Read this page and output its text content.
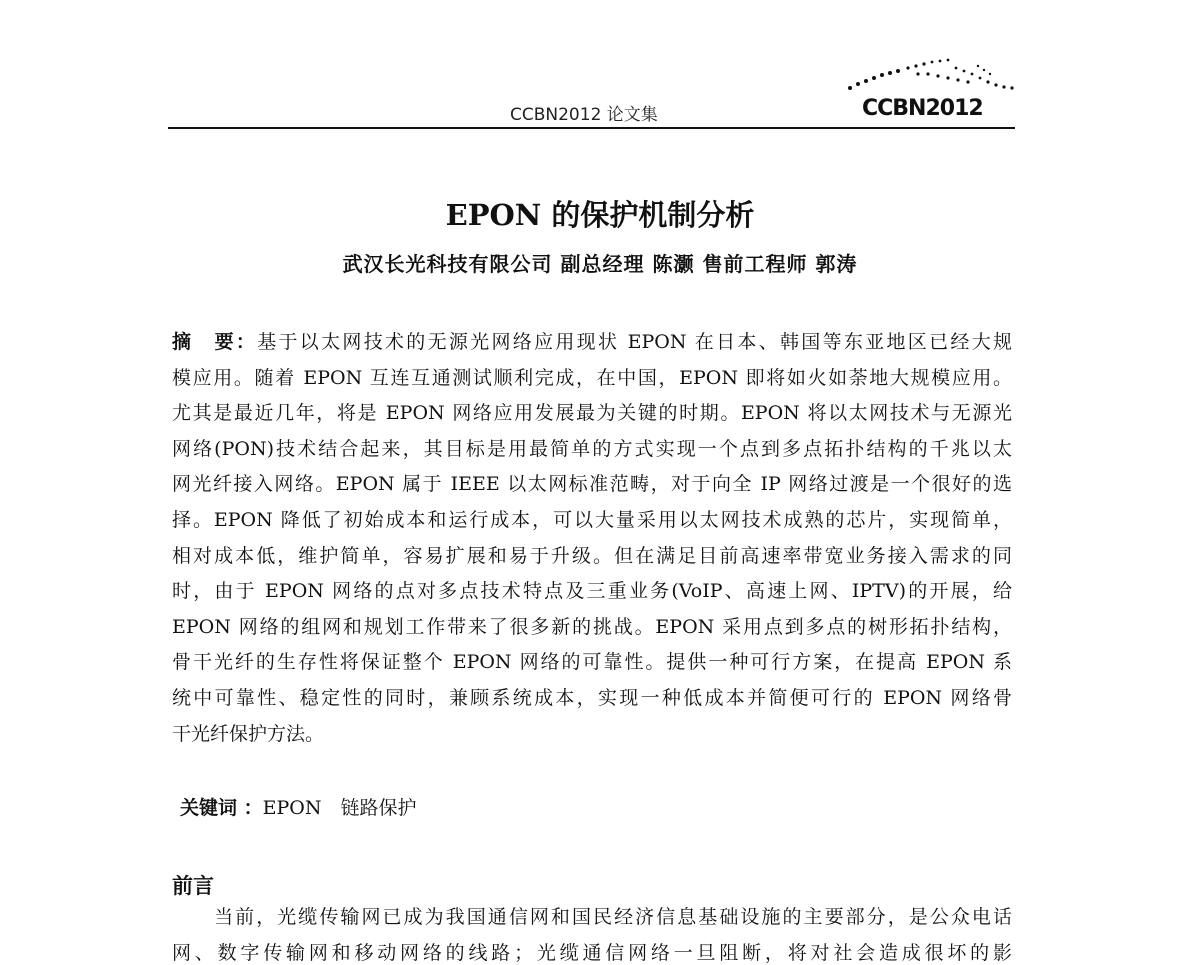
CCBN2012 论文集	CCBN2012
EPON 的保护机制分析
武汉长光科技有限公司 副总经理 陈灏 售前工程师 郭涛
摘　要：基于以太网技术的无源光网络应用现状 EPON 在日本、韩国等东亚地区已经大规
模应用。随着 EPON 互连互通测试顺利完成，在中国，EPON 即将如火如荼地大规模应用。
尤其是最近几年，将是 EPON 网络应用发展最为关键的时期。EPON 将以太网技术与无源光
网络(PON)技术结合起来，其目标是用最简单的方式实现一个点到多点拓扑结构的千兆以太
网光纤接入网络。EPON 属于 IEEE 以太网标准范畴，对于向全 IP 网络过渡是一个很好的选
择。EPON 降低了初始成本和运行成本，可以大量采用以太网技术成熟的芯片，实现简单，
相对成本低，维护简单，容易扩展和易于升级。但在满足目前高速率带宽业务接入需求的同
时，由于 EPON 网络的点对多点技术特点及三重业务(VoIP、高速上网、IPTV)的开展，给
EPON 网络的组网和规划工作带来了很多新的挑战。EPON 采用点到多点的树形拓扑结构，
骨干光纤的生存性将保证整个 EPON 网络的可靠性。提供一种可行方案，在提高 EPON 系
统中可靠性、稳定性的同时，兼顾系统成本，实现一种低成本并简便可行的 EPON 网络骨
干光纤保护方法。
关键词 ：EPON　链路保护
前言
　　当前，光缆传输网已成为我国通信网和国民经济信息基础设施的主要部分，是公众电话
网、数字传输网和移动网络的线路；光缆通信网络一旦阻断，将对社会造成很坏的影
